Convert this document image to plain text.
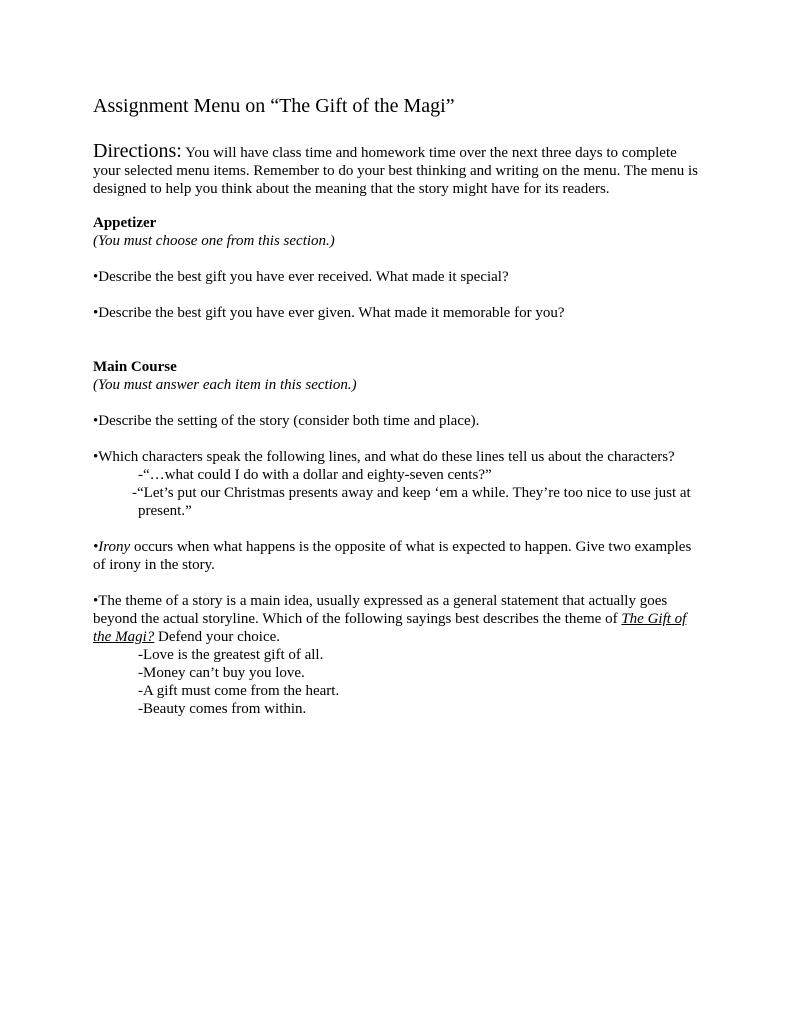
Assignment Menu on “The Gift of the Magi”

Directions: You will have class time and homework time over the next three days to complete your selected menu items. Remember to do your best thinking and writing on the menu. The menu is designed to help you think about the meaning that the story might have for its readers.

Appetizer

(You must choose one from this section.)

•Describe the best gift you have ever received. What made it special?

•Describe the best gift you have ever given. What made it memorable for you?

Main Course

(You must answer each item in this section.)

•Describe the setting of the story (consider both time and place).

•Which characters speak the following lines, and what do these lines tell us about the characters?
-“…what could I do with a dollar and eighty-seven cents?”
-“Let’s put our Christmas presents away and keep ‘em a while. They’re too nice to use just at present.”

•Irony occurs when what happens is the opposite of what is expected to happen. Give two examples of irony in the story.

•The theme of a story is a main idea, usually expressed as a general statement that actually goes beyond the actual storyline. Which of the following sayings best describes the theme of The Gift of the Magi? Defend your choice.
-Love is the greatest gift of all.
-Money can’t buy you love.
-A gift must come from the heart.
-Beauty comes from within.
